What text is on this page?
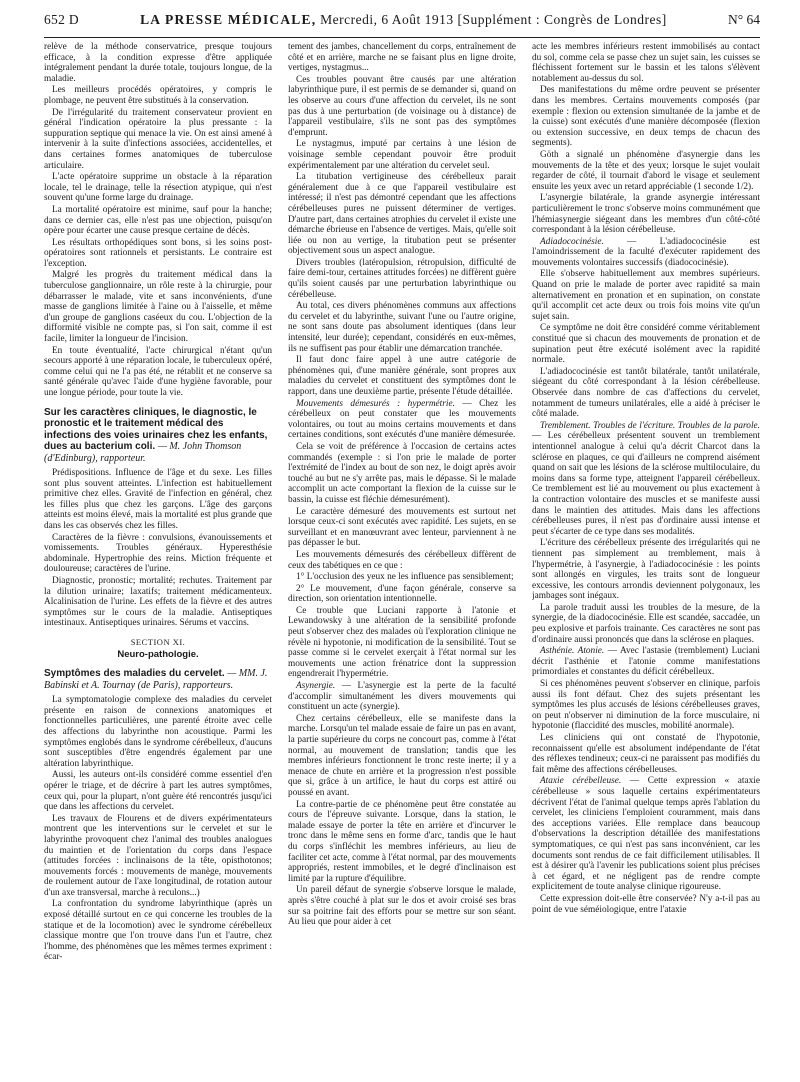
652 D	LA PRESSE MÉDICALE, Mercredi, 6 Août 1913 [Supplément : Congrès de Londres]	N° 64

relève de la méthode conservatrice, presque toujours efficace, à la condition expresse d'être appliquée intégralement pendant la durée totale, toujours longue, de la maladie.

Les meilleurs procédés opératoires, y compris le plombage, ne peuvent être substitués à la conservation.

De l'irrégularité du traitement conservateur provient en général l'indication opératoire la plus pressante : la suppuration septique qui menace la vie. On est ainsi amené à intervenir à la suite d'infections associées, accidentelles, et dans certaines formes anatomiques de tuberculose articulaire.

L'acte opératoire supprime un obstacle à la réparation locale, tel le drainage, telle la résection atypique, qui n'est souvent qu'une forme large du drainage.

La mortalité opératoire est minime, sauf pour la hanche; dans ce dernier cas, elle n'est pas une objection, puisqu'on opère pour écarter une cause presque certaine de décès.

Les résultats orthopédiques sont bons, si les soins post-opératoires sont rationnels et persistants. Le contraire est l'exception.

Malgré les progrès du traitement médical dans la tuberculose ganglionnaire, un rôle reste à la chirurgie, pour débarrasser le malade, vite et sans inconvénients, d'une masse de ganglions limitée à l'aine ou à l'aisselle, et même d'un groupe de ganglions caséeux du cou. L'objection de la difformité visible ne compte pas, si l'on sait, comme il est facile, limiter la longueur de l'incision.

En toute éventualité, l'acte chirurgical n'étant qu'un secours apporté à une réparation locale, le tuberculeux opéré, comme celui qui ne l'a pas été, ne rétablit et ne conserve sa santé générale qu'avec l'aide d'une hygiène favorable, pour une longue période, pour toute la vie.

Sur les caractères cliniques, le diagnostic, le pronostic et le traitement médical des infections des voies urinaires chez les enfants, dues au bacterium coli. — M. John Thomson (d'Edinburg), rapporteur.

Prédispositions. Influence de l'âge et du sexe. Les filles sont plus souvent atteintes. L'infection est habituellement primitive chez elles. Gravité de l'infection en général, chez les filles plus que chez les garçons. L'âge des garçons atteints est moins élevé, mais la mortalité est plus grande que dans les cas observés chez les filles.

Caractères de la fièvre : convulsions, évanouissements et vomissements. Troubles généraux. Hyperesthésie abdominale. Hypertrophie des reins. Miction fréquente et douloureuse; caractères de l'urine.

Diagnostic, pronostic; mortalité; rechutes. Traitement par la dilution urinaire; laxatifs; traitement médicamenteux. Alcalinisation de l'urine. Les effets de la fièvre et des autres symptômes sur le cours de la maladie. Antiseptiques intestinaux. Antiseptiques urinaires. Sérums et vaccins.

SECTION XI.
Neuro-pathologie.
Symptômes des maladies du cervelet. — MM. J. Babinski et A. Tournay (de Paris), rapporteurs.

La symptomatologie complexe des maladies du cervelet présente en raison de connexions anatomiques et fonctionnelles particulières, une parenté étroite avec celle des affections du labyrinthe non acoustique. Parmi les symptômes englobés dans le syndrome cérébelleux, d'aucuns sont susceptibles d'être engendrés également par une altération labyrinthique.

Aussi, les auteurs ont-ils considéré comme essentiel d'en opérer le triage, et de décrire à part les autres symptômes, ceux qui, pour la plupart, n'ont guère été rencontrés jusqu'ici que dans les affections du cervelet.

Les travaux de Flourens et de divers expérimentateurs montrent que les interventions sur le cervelet et sur le labyrinthe provoquent chez l'animal des troubles analogues du maintien et de l'orientation du corps dans l'espace (attitudes forcées : inclinaisons de la tête, opisthotonos; mouvements forcés : mouvements de manège, mouvements de roulement autour de l'axe longitudinal, de rotation autour d'un axe transversal, marche à reculons...)

La confrontation du syndrome labyrinthique (après un exposé détaillé surtout en ce qui concerne les troubles de la statique et de la locomotion) avec le syndrome cérébelleux classique montre que l'on trouve dans l'un et l'autre, chez l'homme, des phénomènes que les mêmes termes expriment : écar-

tement des jambes, chancellement du corps, entraînement de côté et en arrière, marche ne se faisant plus en ligne droite, vertiges, nystagmus...

Ces troubles pouvant être causés par une altération labyrinthique pure, il est permis de se demander si, quand on les observe au cours d'une affection du cervelet, ils ne sont pas dus à une perturbation (de voisinage ou à distance) de l'appareil vestibulaire, s'ils ne sont pas des symptômes d'emprunt.

Le nystagmus, imputé par certains à une lésion de voisinage semble cependant pouvoir être produit expérimentalement par une altération du cervelet seul.

La titubation vertigineuse des cérébelleux parait généralement due à ce que l'appareil vestibulaire est intéressé; il n'est pas démontré cependant que les affections cérébelleuses pures ne puissent déterminer de vertiges. D'autre part, dans certaines atrophies du cervelet il existe une démarche ébrieuse en l'absence de vertiges. Mais, qu'elle soit liée ou non au vertige, la titubation peut se présenter objectivement sous un aspect analogue.

Divers troubles (latéropulsion, rétropulsion, difficulté de faire demi-tour, certaines attitudes forcées) ne diffèrent guère qu'ils soient causés par une perturbation labyrinthique ou cérébelleuse.

Au total, ces divers phénomènes communs aux affections du cervelet et du labyrinthe, suivant l'une ou l'autre origine, ne sont sans doute pas absolument identiques (dans leur intensité, leur durée); cependant, considérés en eux-mêmes, ils ne suffisent pas pour établir une démarcation tranchée.

Il faut donc faire appel à une autre catégorie de phénomènes qui, d'une manière générale, sont propres aux maladies du cervelet et constituent des symptômes dont le rapport, dans une deuxième partie, présente l'étude détaillée.

Mouvements démesurés : hypermétrie. — Chez les cérébelleux on peut constater que les mouvements volontaires, ou tout au moins certains mouvements et dans certaines conditions, sont exécutés d'une manière démesurée.

Cela se voit de préférence à l'occasion de certains actes commandés (exemple : si l'on prie le malade de porter l'extrémité de l'index au bout de son nez, le doigt après avoir touché au but ne s'y arrête pas, mais le dépasse. Si le malade accomplit un acte comportant la flexion de la cuisse sur le bassin, la cuisse est fléchie démesurément).

Le caractère démesuré des mouvements est surtout net lorsque ceux-ci sont exécutés avec rapidité. Les sujets, en se surveillant et en manœuvrant avec lenteur, parviennent à ne pas dépasser le but.

Les mouvements démesurés des cérébelleux diffèrent de ceux des tabétiques en ce que :

1° L'occlusion des yeux ne les influence pas sensiblement;

2° Le mouvement, d'une façon générale, conserve sa direction, son orientation intentionnelle.

Ce trouble que Luciani rapporte à l'atonie et Lewandowsky à une altération de la sensibilité profonde peut s'observer chez des malades où l'exploration clinique ne révèle ni hypotonie, ni modification de la sensibilité. Tout se passe comme si le cervelet exerçait à l'état normal sur les mouvements une action frénatrice dont la suppression engendrerait l'hypermétrie.

Asynergie. — L'asynergie est la perte de la faculté d'accomplir simultanément les divers mouvements qui constituent un acte (synergie).

Chez certains cérébelleux, elle se manifeste dans la marche. Lorsqu'un tel malade essaie de faire un pas en avant, la partie supérieure du corps ne concourt pas, comme à l'état normal, au mouvement de translation; tandis que les membres inférieurs fonctionnent le tronc reste inerte; il y a menace de chute en arrière et la progression n'est possible que si, grâce à un artifice, le haut du corps est attiré ou poussé en avant.

La contre-partie de ce phénomène peut être constatée au cours de l'épreuve suivante. Lorsque, dans la station, le malade essaye de porter la tête en arrière et d'incurver le tronc dans le même sens en forme d'arc, tandis que le haut du corps s'infléchit les membres inférieurs, au lieu de faciliter cet acte, comme à l'état normal, par des mouvements appropriés, restent immobiles, et le degré d'inclinaison est limité par la rupture d'équilibre.

Un pareil défaut de synergie s'observe lorsque le malade, après s'être couché à plat sur le dos et avoir croisé ses bras sur sa poitrine fait des efforts pour se mettre sur son séant. Au lieu que pour aider à cet

acte les membres inférieurs restent immobilisés au contact du sol, comme cela se passe chez un sujet sain, les cuisses se fléchissent fortement sur le bassin et les talons s'élèvent notablement au-dessus du sol.

Des manifestations du même ordre peuvent se présenter dans les membres. Certains mouvements composés (par exemple : flexion ou extension simultanée de la jambe et de la cuisse) sont exécutés d'une manière décomposée (flexion ou extension successive, en deux temps de chacun des segments).

Göth a signalé un phénomène d'asynergie dans les mouvements de la tête et des yeux; lorsque le sujet voulait regarder de côté, il tournait d'abord le visage et seulement ensuite les yeux avec un retard appréciable (1 seconde 1/2).

L'asynergie bilatérale, la grande asynergie intéressant particulièrement le tronc s'observe moins communément que l'hémiasynergie siégeant dans les membres d'un côté-côté correspondant à la lésion cérébelleuse.

Adiadococinésie. — L'adiadococinésie est l'amoindrissement de la faculté d'exécuter rapidement des mouvements volontaires successifs (diadococinésie).

Elle s'observe habituellement aux membres supérieurs. Quand on prie le malade de porter avec rapidité sa main alternativement en pronation et en supination, on constate qu'il accomplit cet acte deux ou trois fois moins vite qu'un sujet sain.

Ce symptôme ne doit être considéré comme véritablement constitué que si chacun des mouvements de pronation et de supination peut être exécuté isolément avec la rapidité normale.

L'adiadococinésie est tantôt bilatérale, tantôt unilatérale, siégeant du côté correspondant à la lésion cérébelleuse. Observée dans nombre de cas d'affections du cervelet, notamment de tumeurs unilatérales, elle a aidé à préciser le côté malade.

Tremblement. Troubles de l'écriture. Troubles de la parole. — Les cérébelleux présentent souvent un tremblement intentionnel analogue à celui qu'a décrit Charcot dans la sclérose en plaques, ce qui d'ailleurs ne comprend aisément quand on sait que les lésions de la sclérose multiloculaire, du moins dans sa forme type, atteignent l'appareil cérébelleux. Ce tremblement est lié au mouvement ou plus exactement à la contraction volontaire des muscles et se manifeste aussi dans le maintien des attitudes. Mais dans les affections cérébelleuses pures, il n'est pas d'ordinaire aussi intense et peut s'écarter de ce type dans ses modalités.

L'écriture des cérébelleux présente des irrégularités qui ne tiennent pas simplement au tremblement, mais à l'hypermétrie, à l'asynergie, à l'adiadococinésie : les points sont allongés en virgules, les traits sont de longueur excessive, les contours arrondis deviennent polygonaux, les jambages sont inégaux.

La parole traduit aussi les troubles de la mesure, de la synergie, de la diadococinésie. Elle est scandée, saccadée, un peu explosive et parfois trainante. Ces caractères ne sont pas d'ordinaire aussi prononcés que dans la sclérose en plaques.

Asthénie. Atonie. — Avec l'astasie (tremblement) Luciani décrit l'asthénie et l'atonie comme manifestations primordiales et constantes du déficit cérébelleux.

Si ces phénomènes peuvent s'observer en clinique, parfois aussi ils font défaut. Chez des sujets présentant les symptômes les plus accusés de lésions cérébelleuses graves, on peut n'observer ni diminution de la force musculaire, ni hypotonie (flaccidité des muscles, mobilité anormale).

Les cliniciens qui ont constaté de l'hypotonie, reconnaissent qu'elle est absolument indépendante de l'état des réflexes tendineux; ceux-ci ne paraissent pas modifiés du fait même des affections cérébelleuses.

Ataxie cérébelleuse. — Cette expression « ataxie cérébelleuse » sous laquelle certains expérimentateurs décrivent l'état de l'animal quelque temps après l'ablation du cervelet, les cliniciens l'emploient couramment, mais dans des acceptions variées. Elle remplace dans beaucoup d'observations la description détaillée des manifestations symptomatiques, ce qui n'est pas sans inconvénient, car les documents sont rendus de ce fait difficilement utilisables. Il est à désirer qu'à l'avenir les publications soient plus précises à cet égard, et ne négligent pas de rendre compte explicitement de toute analyse clinique rigoureuse.

Cette expression doit-elle être conservée? N'y a-t-il pas au point de vue séméiologique, entre l'ataxie
